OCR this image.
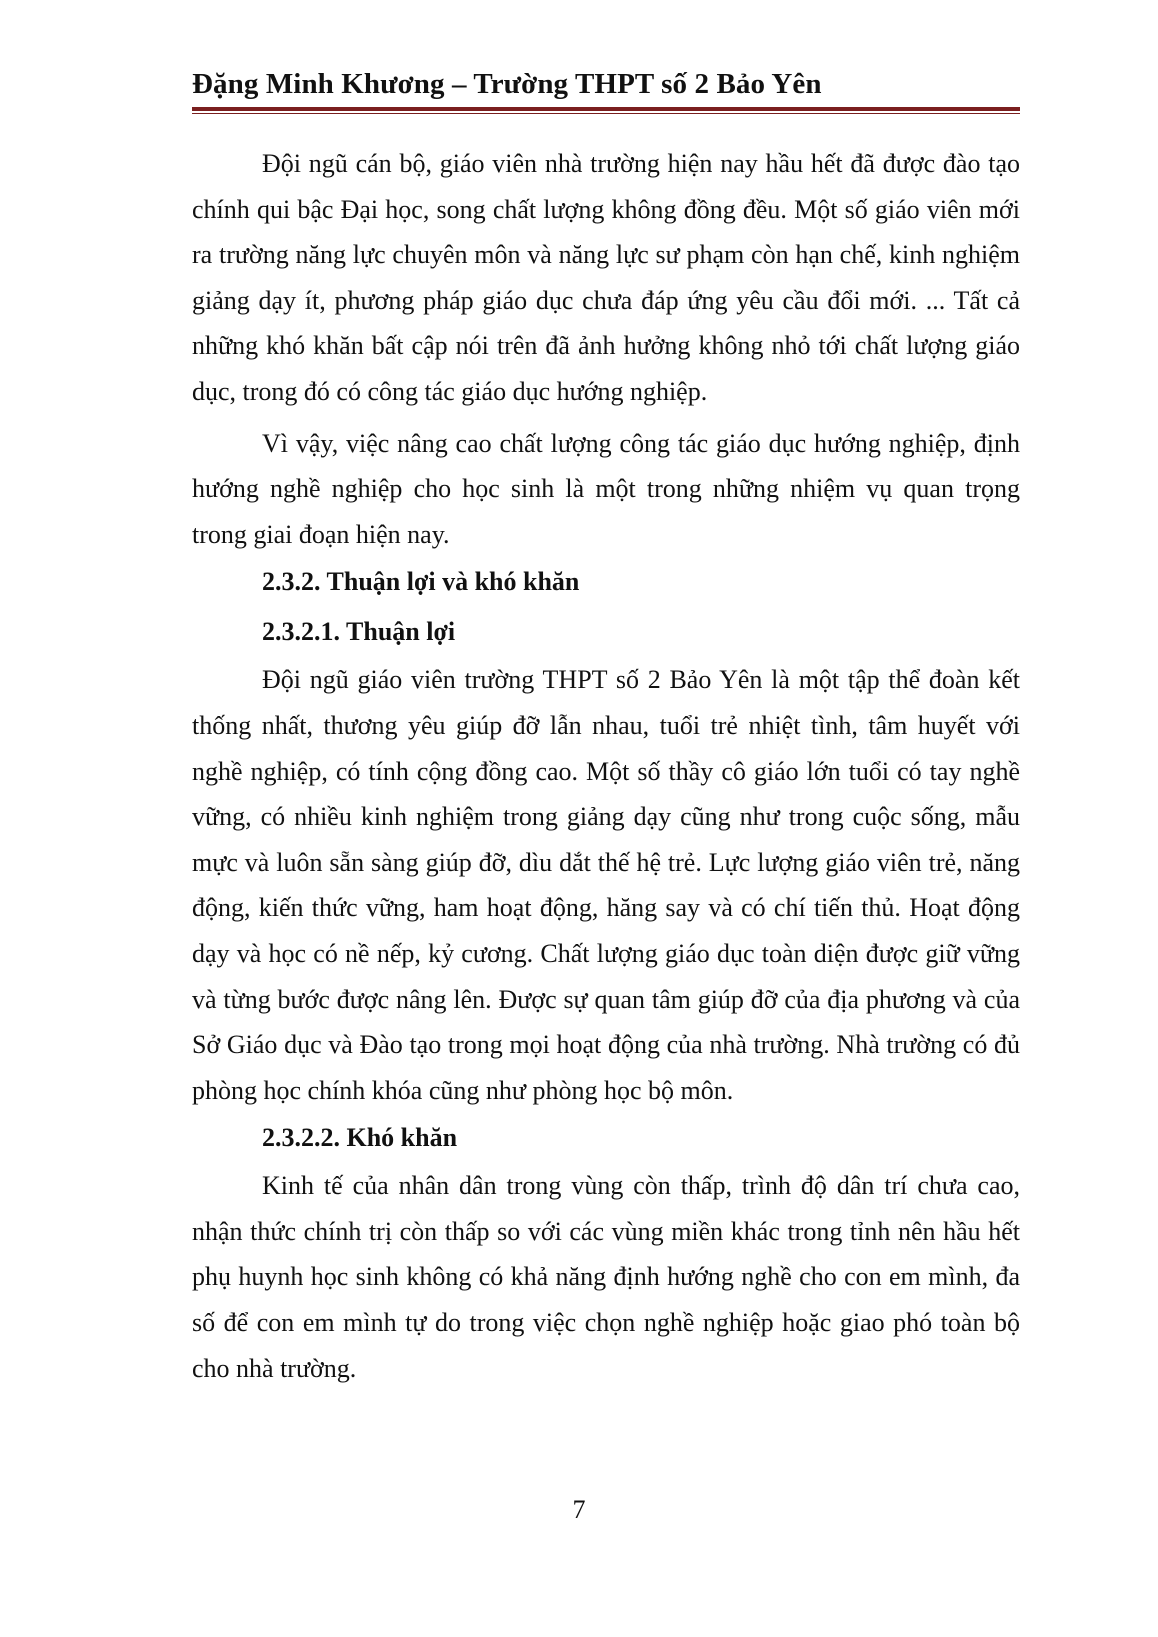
Đặng Minh Khương – Trường THPT số 2 Bảo Yên

Đội ngũ cán bộ, giáo viên nhà trường hiện nay hầu hết đã được đào tạo chính qui bậc Đại học, song chất lượng không đồng đều. Một số giáo viên mới ra trường năng lực chuyên môn và năng lực sư phạm còn hạn chế, kinh nghiệm giảng dạy ít, phương pháp giáo dục chưa đáp ứng yêu cầu đổi mới. ... Tất cả những khó khăn bất cập nói trên đã ảnh hưởng không nhỏ tới chất lượng giáo dục, trong đó có công tác giáo dục hướng nghiệp.

Vì vậy, việc nâng cao chất lượng công tác giáo dục hướng nghiệp, định hướng nghề nghiệp cho học sinh là một trong những nhiệm vụ quan trọng trong giai đoạn hiện nay.

2.3.2. Thuận lợi và khó khăn

2.3.2.1. Thuận lợi

Đội ngũ giáo viên trường THPT số 2 Bảo Yên là một tập thể đoàn kết thống nhất, thương yêu giúp đỡ lẫn nhau, tuổi trẻ nhiệt tình, tâm huyết với nghề nghiệp, có tính cộng đồng cao. Một số thầy cô giáo lớn tuổi có tay nghề vững, có nhiều kinh nghiệm trong giảng dạy cũng như trong cuộc sống, mẫu mực và luôn sẵn sàng giúp đỡ, dìu dắt thế hệ trẻ. Lực lượng giáo viên trẻ, năng động, kiến thức vững, ham hoạt động, hăng say và có chí tiến thủ. Hoạt động dạy và học có nề nếp, kỷ cương. Chất lượng giáo dục toàn diện được giữ vững và từng bước được nâng lên. Được sự quan tâm giúp đỡ của địa phương và của Sở Giáo dục và Đào tạo trong mọi hoạt động của nhà trường. Nhà trường có đủ phòng học chính khóa cũng như phòng học bộ môn.

2.3.2.2. Khó khăn

Kinh tế của nhân dân trong vùng còn thấp, trình độ dân trí chưa cao, nhận thức chính trị còn thấp so với các vùng miền khác trong tỉnh nên hầu hết phụ huynh học sinh không có khả năng định hướng nghề cho con em mình, đa số để con em mình tự do trong việc chọn nghề nghiệp hoặc giao phó toàn bộ cho nhà trường.

7
